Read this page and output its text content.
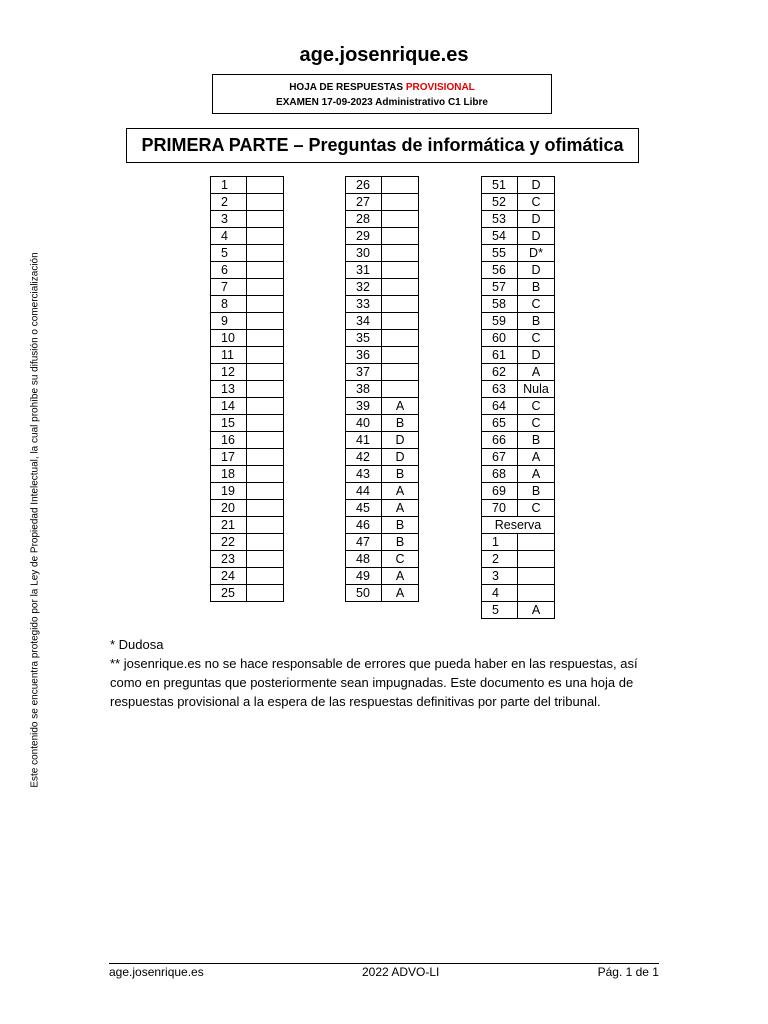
age.josenrique.es
HOJA DE RESPUESTAS PROVISIONAL
EXAMEN 17-09-2023 Administrativo C1 Libre
PRIMERA PARTE – Preguntas de informática y ofimática
1	
2	
3	
4	
5	
6	
7	
8	
9	
10	
11	
12	
13	
14	
15	
16	
17	
18	
19	
20	
21	
22	
23	
24	
25	
26	
27	
28	
29	
30	
31	
32	
33	
34	
35	
36	
37	
38	
39	A
40	B
41	D
42	D
43	B
44	A
45	A
46	B
47	B
48	C
49	A
50	A
51	D
52	C
53	D
54	D
55	D*
56	D
57	B
58	C
59	B
60	C
61	D
62	A
63	Nula
64	C
65	C
66	B
67	A
68	A
69	B
70	C
Reserva	
1	
2	
3	
4	
5	A

* Dudosa

** josenrique.es no se hace responsable de errores que pueda haber en las respuestas, así como en preguntas que posteriormente sean impugnadas. Este documento es una hoja de respuestas provisional a la espera de las respuestas definitivas por parte del tribunal.

Este contenido se encuentra protegido por la Ley de Propiedad Intelectual, la cual prohíbe su difusión o comercialización
age.josenrique.es	2022 ADVO-LI	Pág. 1 de 1
